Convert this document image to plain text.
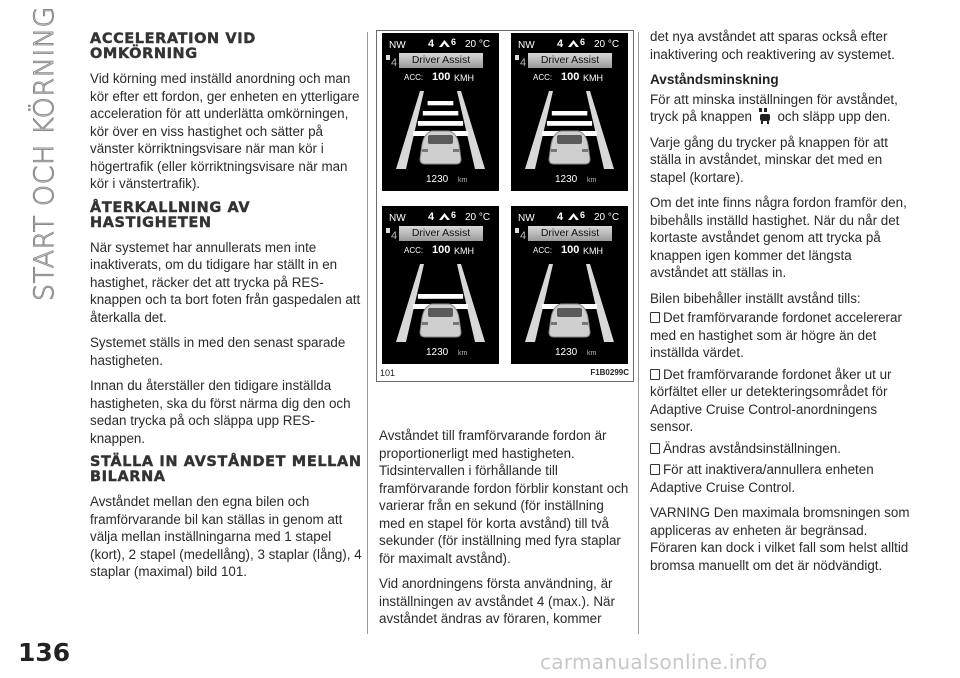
START OCH KÖRNING ACCELERATION VID OMKÖRNING

Vid körning med inställd anordning och man kör efter ett fordon, ger enheten en ytterligare acceleration för att underlätta omkörningen, kör över en viss hastighet och sätter på vänster körriktningsvisare när man kör i högertrafik (eller körriktningsvisare när man kör i vänstertrafik).

ÅTERKALLNING AV HASTIGHETEN

När systemet har annullerats men inte inaktiverats, om du tidigare har ställt in en hastighet, räcker det att trycka på RES-knappen och ta bort foten från gaspedalen att återkalla det.

Systemet ställs in med den senast sparade hastigheten.

Innan du återställer den tidigare inställda hastigheten, ska du först närma dig den och sedan trycka på och släppa upp RES-knappen.

STÄLLA IN AVSTÅNDET MELLAN BILARNA

Avståndet mellan den egna bilen och framförvarande bil kan ställas in genom att välja mellan inställningarna med 1 stapel (kort), 2 stapel (medellång), 3 staplar (lång), 4 staplar (maximal) bild 101.

NW 4 6 20 °C
4	Driver Assist
ACC: 100 KMH
1230 km
NW 4 6 20 °C
4	Driver Assist
ACC: 100 KMH
1230 km
NW 4 6 20 °C
4	Driver Assist
ACC: 100 KMH
1230 km
NW 4 6 20 °C
4	Driver Assist
ACC: 100 KMH
1230 km
101	F1B0299C

Avståndet till framförvarande fordon är proportionerligt med hastigheten. Tidsintervallen i förhållande till framförvarande fordon förblir konstant och varierar från en sekund (för inställning med en stapel för korta avstånd) till två sekunder (för inställning med fyra staplar för maximalt avstånd).

Vid anordningens första användning, är inställningen av avståndet 4 (max.). När avståndet ändras av föraren, kommer

det nya avståndet att sparas också efter inaktivering och reaktivering av systemet.

Avståndsminskning

För att minska inställningen för avståndet, tryck på knappen och släpp upp den.

Varje gång du trycker på knappen för att ställa in avståndet, minskar det med en stapel (kortare).

Om det inte finns några fordon framför den, bibehålls inställd hastighet. När du når det kortaste avståndet genom att trycka på knappen igen kommer det längsta avståndet att ställas in.

Bilen bibehåller inställt avstånd tills:

Det framförvarande fordonet accelererar med en hastighet som är högre än det inställda värdet.
Det framförvarande fordonet åker ut ur körfältet eller ur detekteringsområdet för Adaptive Cruise Control-anordningens sensor.
Ändras avståndsinställningen.
För att inaktivera/annullera enheten Adaptive Cruise Control.

VARNING Den maximala bromsningen som appliceras av enheten är begränsad. Föraren kan dock i vilket fall som helst alltid bromsa manuellt om det är nödvändigt.

136	carmanualsonline.info
